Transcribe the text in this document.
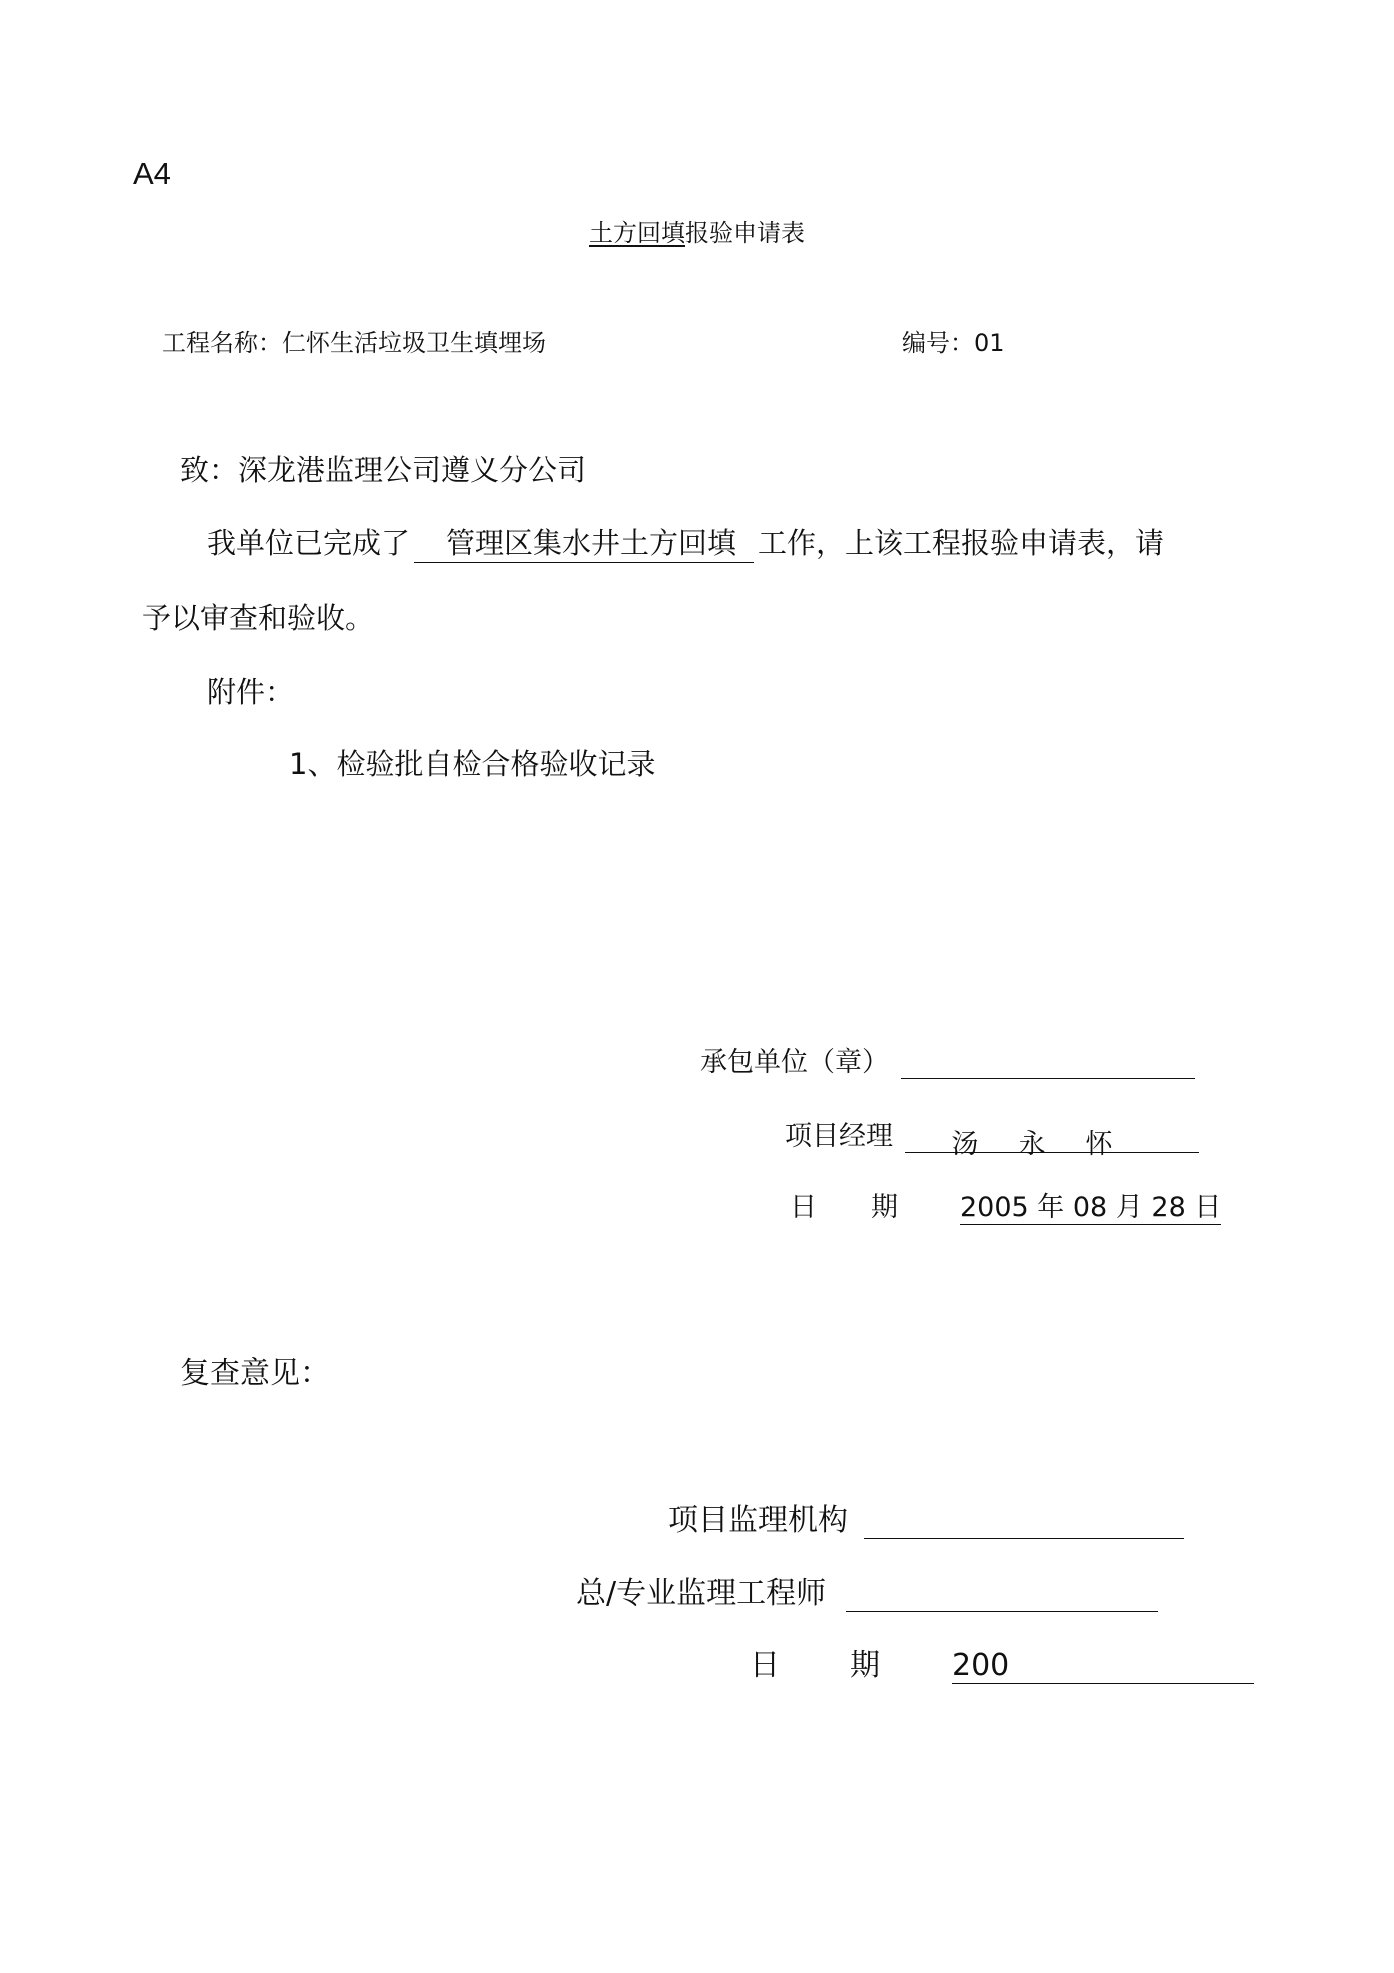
A4
土方回填报验申请表
工程名称：仁怀生活垃圾卫生填埋场	编号：01
致：深龙港监理公司遵义分公司
我单位已完成了 管理区集水井土方回填 工作，上该工程报验申请表，请
予以审查和验收。
附件：
1、检验批自检合格验收记录
承包单位（章）
项目经理 汤永怀
日期 2005 年 08 月 28 日
复查意见：
项目监理机构
总/专业监理工程师
日期200
